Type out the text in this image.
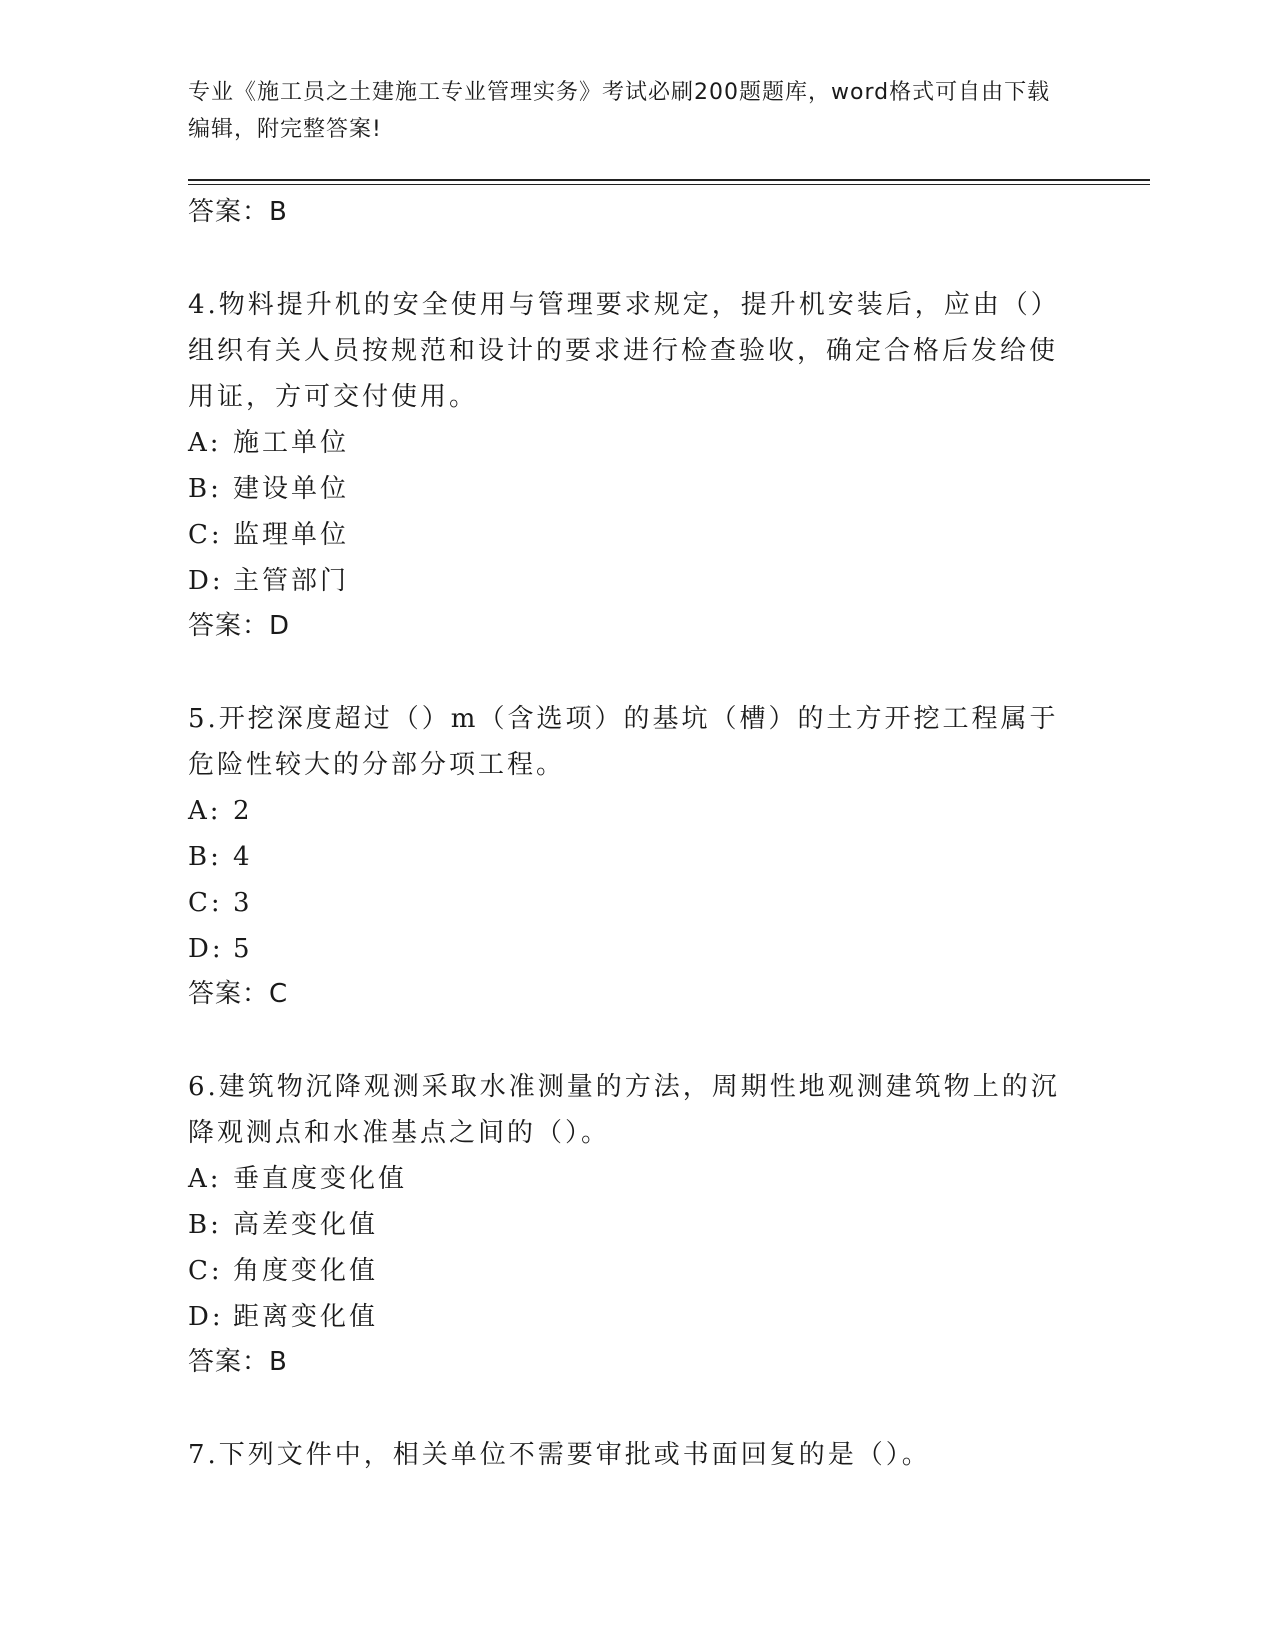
专业《施工员之土建施工专业管理实务》考试必刷200题题库，word格式可自由下载编辑，附完整答案!
答案：B
4.物料提升机的安全使用与管理要求规定，提升机安装后，应由（）组织有关人员按规范和设计的要求进行检查验收，确定合格后发给使用证，方可交付使用。
A: 施工单位
B: 建设单位
C: 监理单位
D: 主管部门
答案：D
5.开挖深度超过（）m（含选项）的基坑（槽）的土方开挖工程属于危险性较大的分部分项工程。
A: 2
B: 4
C: 3
D: 5
答案：C
6.建筑物沉降观测采取水准测量的方法，周期性地观测建筑物上的沉降观测点和水准基点之间的（）。
A: 垂直度变化值
B: 高差变化值
C: 角度变化值
D: 距离变化值
答案：B
7.下列文件中，相关单位不需要审批或书面回复的是（）。
